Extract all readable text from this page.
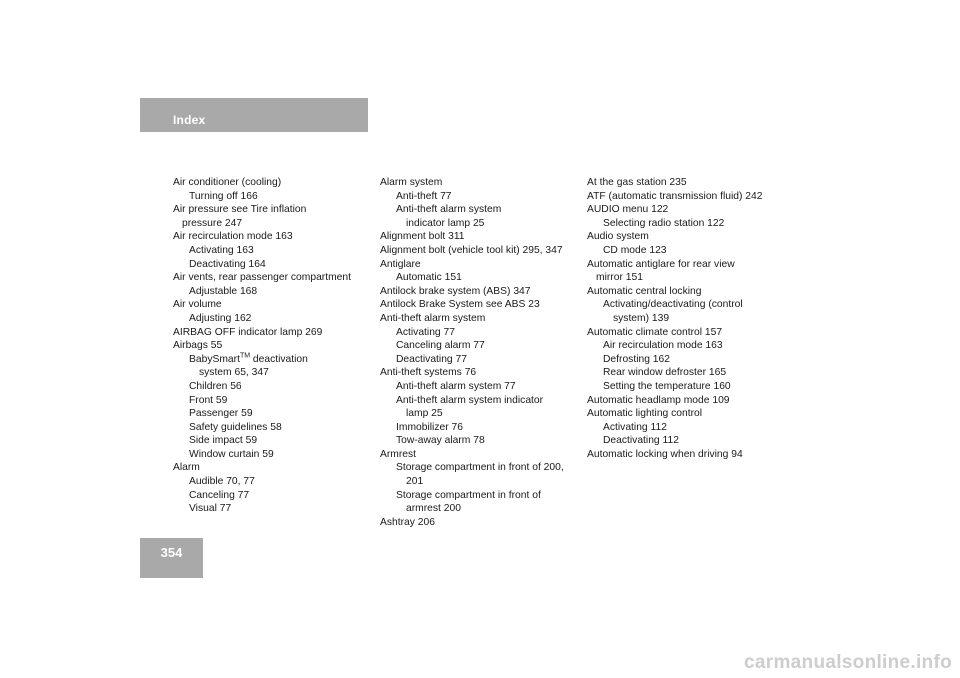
Index
Air conditioner (cooling)
Turning off 166
Air pressure see Tire inflation
pressure 247
Air recirculation mode 163
Activating 163
Deactivating 164
Air vents, rear passenger compartment
Adjustable 168
Air volume
Adjusting 162
AIRBAG OFF indicator lamp 269
Airbags 55
BabySmart™ deactivation
system 65, 347
Children 56
Front 59
Passenger 59
Safety guidelines 58
Side impact 59
Window curtain 59
Alarm
Audible 70, 77
Canceling 77
Visual 77
Alarm system
Anti-theft 77
Anti-theft alarm system
indicator lamp 25
Alignment bolt 311
Alignment bolt (vehicle tool kit) 295, 347
Antiglare
Automatic 151
Antilock brake system (ABS) 347
Antilock Brake System see ABS 23
Anti-theft alarm system
Activating 77
Canceling alarm 77
Deactivating 77
Anti-theft systems 76
Anti-theft alarm system 77
Anti-theft alarm system indicator
lamp 25
Immobilizer 76
Tow-away alarm 78
Armrest
Storage compartment in front of 200,
201
Storage compartment in front of
armrest 200
Ashtray 206
At the gas station 235
ATF (automatic transmission fluid) 242
AUDIO menu 122
Selecting radio station 122
Audio system
CD mode 123
Automatic antiglare for rear view
mirror 151
Automatic central locking
Activating/deactivating (control
system) 139
Automatic climate control 157
Air recirculation mode 163
Defrosting 162
Rear window defroster 165
Setting the temperature 160
Automatic headlamp mode 109
Automatic lighting control
Activating 112
Deactivating 112
Automatic locking when driving 94
354
carmanualsonline.info
